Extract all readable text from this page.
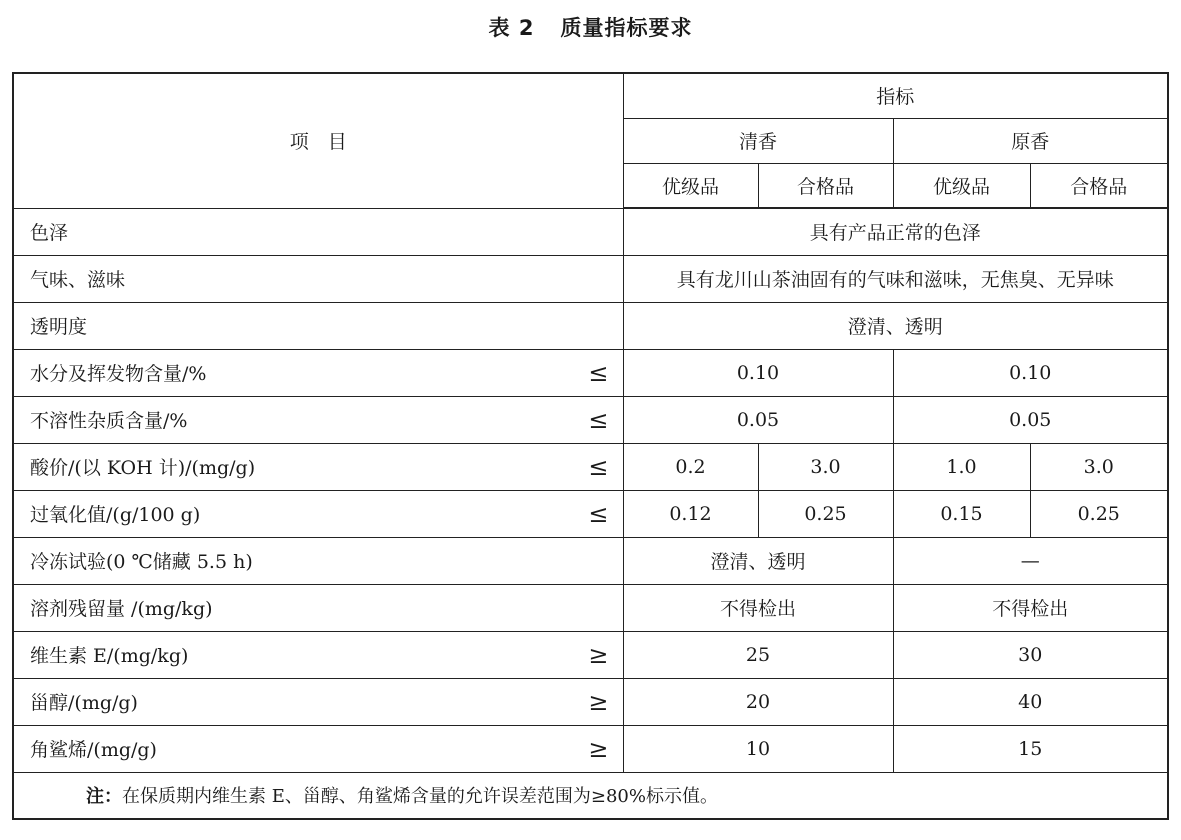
表 2 质量指标要求
项　目	指标			
	清香		原香	
	优级品	合格品	优级品	合格品

色泽	具有产品正常的色泽			

气味、滋味	具有龙川山茶油固有的气味和滋味，无焦臭、无异味			

透明度	澄清、透明			

水分及挥发物含量/% ≤	0.10		0.10	

不溶性杂质含量/% ≤	0.05		0.05	

酸价/(以 KOH 计)/(mg/g) ≤	0.2	3.0	1.0	3.0

过氧化值/(g/100 g) ≤	0.12	0.25	0.15	0.25

冷冻试验(0 ℃储藏 5.5 h)	澄清、透明		—	

溶剂残留量 /(mg/kg)	不得检出		不得检出	

维生素 E/(mg/kg) ≥	25		30	

甾醇/(mg/g) ≥	20		40	

角鲨烯/(mg/g) ≥	10		15	
注：在保质期内维生素 E、甾醇、角鲨烯含量的允许误差范围为≥80%标示值。				
